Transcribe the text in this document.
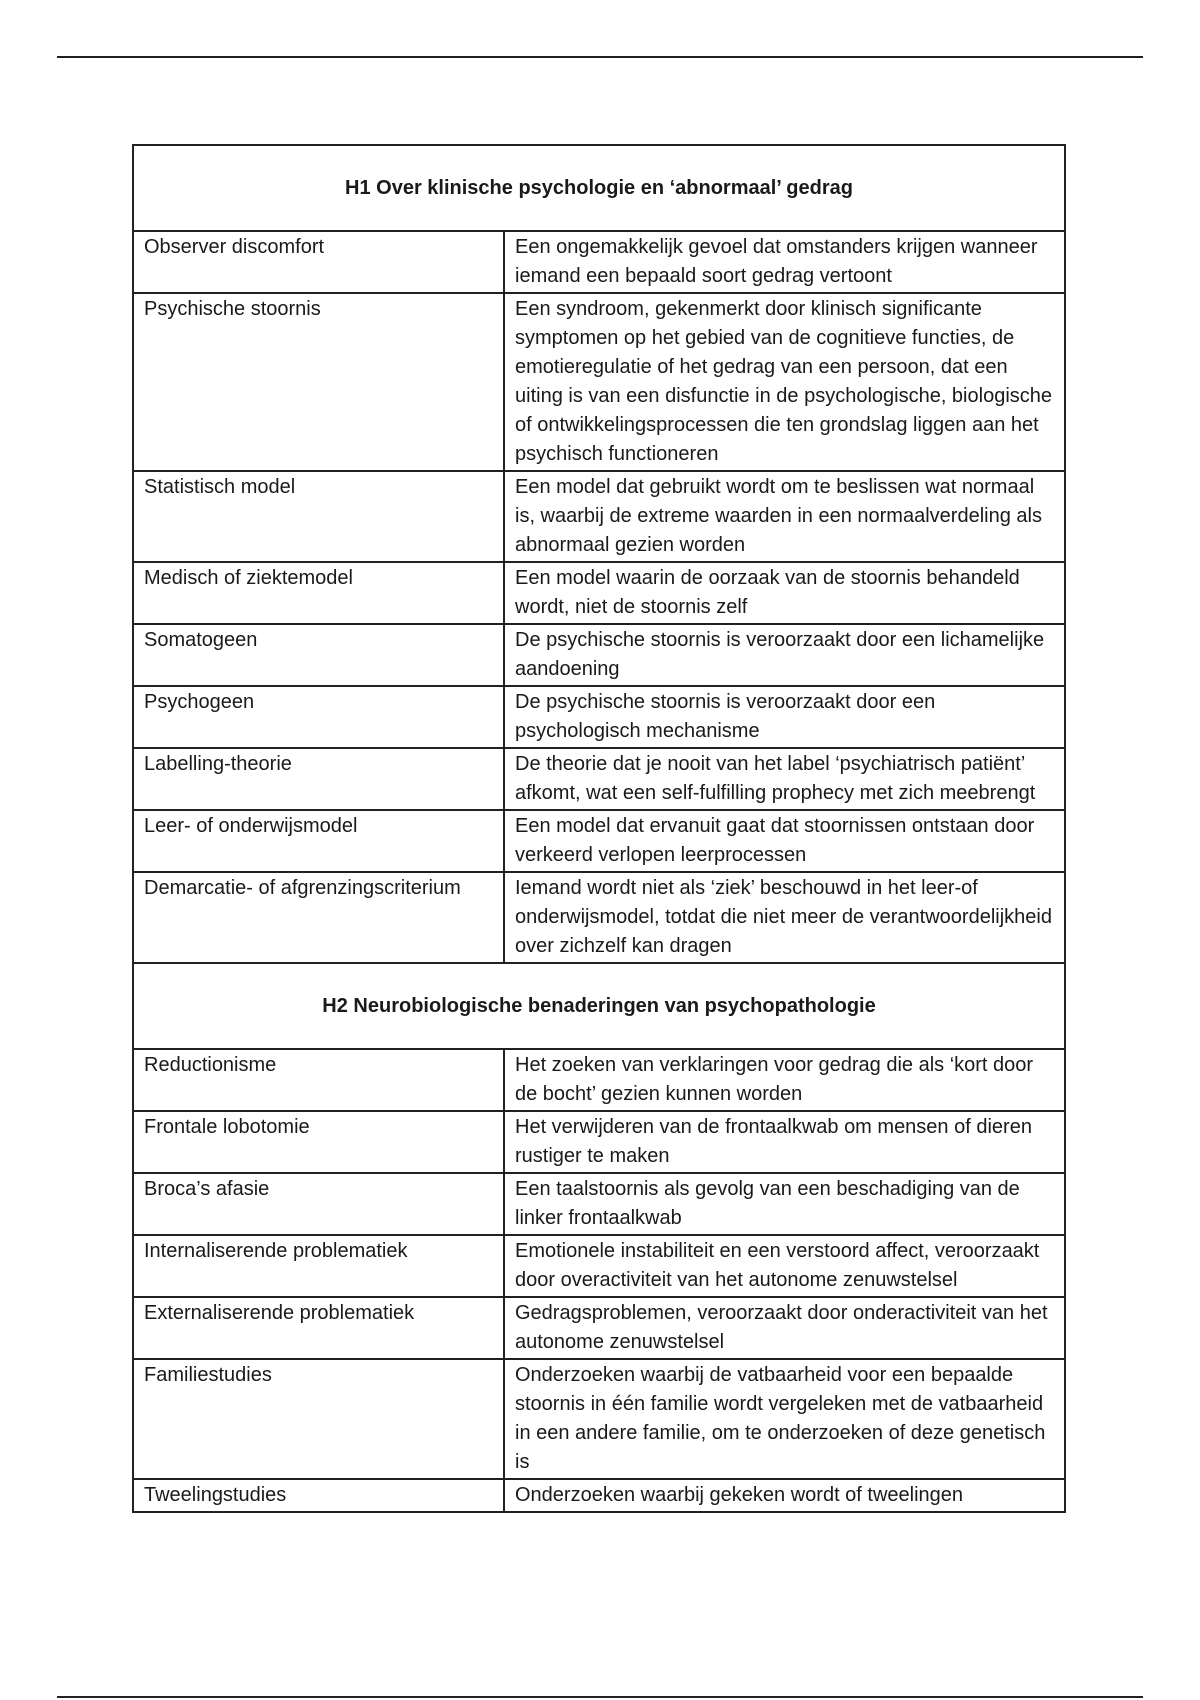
H1 Over klinische psychologie en ‘abnormaal’ gedrag	
Observer discomfort	Een ongemakkelijk gevoel dat omstanders krijgen wanneer iemand een bepaald soort gedrag vertoont
Psychische stoornis	Een syndroom, gekenmerkt door klinisch significante symptomen op het gebied van de cognitieve functies, de emotieregulatie of het gedrag van een persoon, dat een uiting is van een disfunctie in de psychologische, biologische of ontwikkelingsprocessen die ten grondslag liggen aan het psychisch functioneren
Statistisch model	Een model dat gebruikt wordt om te beslissen wat normaal is, waarbij de extreme waarden in een normaalverdeling als abnormaal gezien worden
Medisch of ziektemodel	Een model waarin de oorzaak van de stoornis behandeld wordt, niet de stoornis zelf
Somatogeen	De psychische stoornis is veroorzaakt door een lichamelijke aandoening
Psychogeen	De psychische stoornis is veroorzaakt door een psychologisch mechanisme
Labelling-theorie	De theorie dat je nooit van het label ‘psychiatrisch patiënt’ afkomt, wat een self-fulfilling prophecy met zich meebrengt
Leer- of onderwijsmodel	Een model dat ervanuit gaat dat stoornissen ontstaan door verkeerd verlopen leerprocessen
Demarcatie- of afgrenzingscriterium	Iemand wordt niet als ‘ziek’ beschouwd in het leer-of onderwijsmodel, totdat die niet meer de verantwoordelijkheid over zichzelf kan dragen
H2 Neurobiologische benaderingen van psychopathologie	
Reductionisme	Het zoeken van verklaringen voor gedrag die als ‘kort door de bocht’ gezien kunnen worden
Frontale lobotomie	Het verwijderen van de frontaalkwab om mensen of dieren rustiger te maken
Broca’s afasie	Een taalstoornis als gevolg van een beschadiging van de linker frontaalkwab
Internaliserende problematiek	Emotionele instabiliteit en een verstoord affect, veroorzaakt door overactiviteit van het autonome zenuwstelsel
Externaliserende problematiek	Gedragsproblemen, veroorzaakt door onderactiviteit van het autonome zenuwstelsel
Familiestudies	Onderzoeken waarbij de vatbaarheid voor een bepaalde stoornis in één familie wordt vergeleken met de vatbaarheid in een andere familie, om te onderzoeken of deze genetisch is
Tweelingstudies	Onderzoeken waarbij gekeken wordt of tweelingen
